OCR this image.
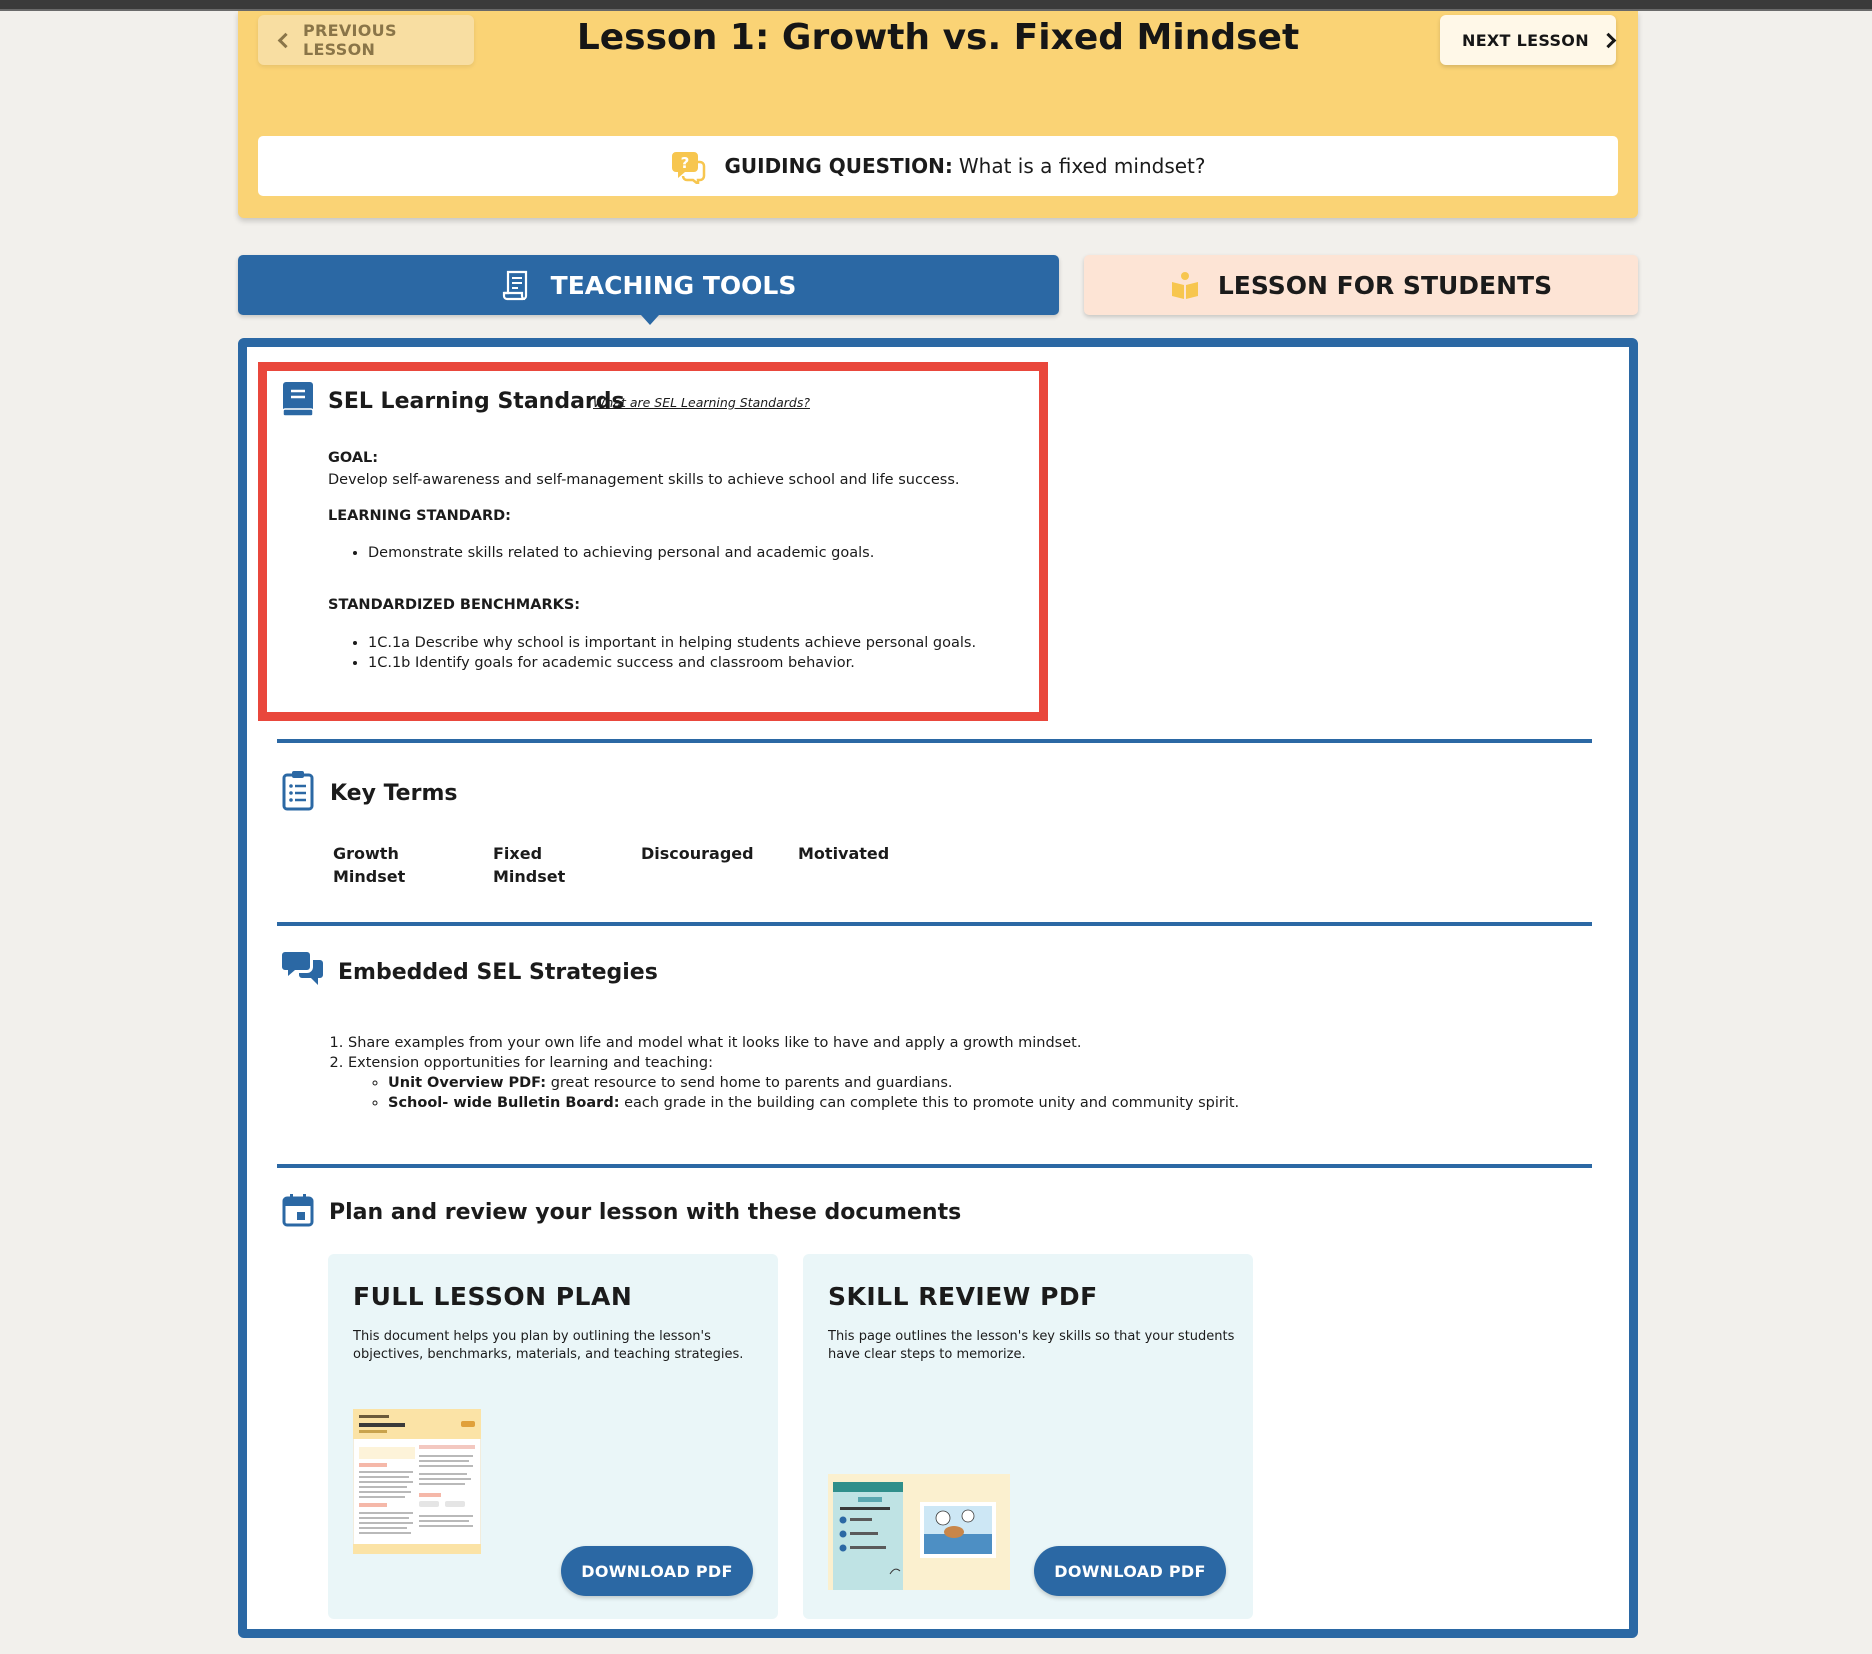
PREVIOUS LESSON	Lesson 1: Growth vs. Fixed Mindset	NEXT LESSON
? GUIDING QUESTION: What is a fixed mindset?
TEACHING TOOLS	LESSON FOR STUDENTS
SEL Learning Standards
What are SEL Learning Standards?
GOAL:
Develop self-awareness and self-management skills to achieve school and life success.
LEARNING STANDARD:
• Demonstrate skills related to achieving personal and academic goals.
STANDARDIZED BENCHMARKS:
• 1C.1a Describe why school is important in helping students achieve personal goals.
• 1C.1b Identify goals for academic success and classroom behavior.
Key Terms
Growth Mindset
Fixed Mindset
Discouraged	Motivated
Embedded SEL Strategies
1. Share examples from your own life and model what it looks like to have and apply a growth mindset.
2. Extension opportunities for learning and teaching:
◦ Unit Overview PDF: great resource to send home to parents and guardians.
◦ School- wide Bulletin Board: each grade in the building can complete this to promote unity and community spirit.
Plan and review your lesson with these documents
FULL LESSON PLAN
This document helps you plan by outlining the lesson's objectives, benchmarks, materials, and teaching strategies.
DOWNLOAD PDF
SKILL REVIEW PDF
This page outlines the lesson's key skills so that your students have clear steps to memorize.
DOWNLOAD PDF
